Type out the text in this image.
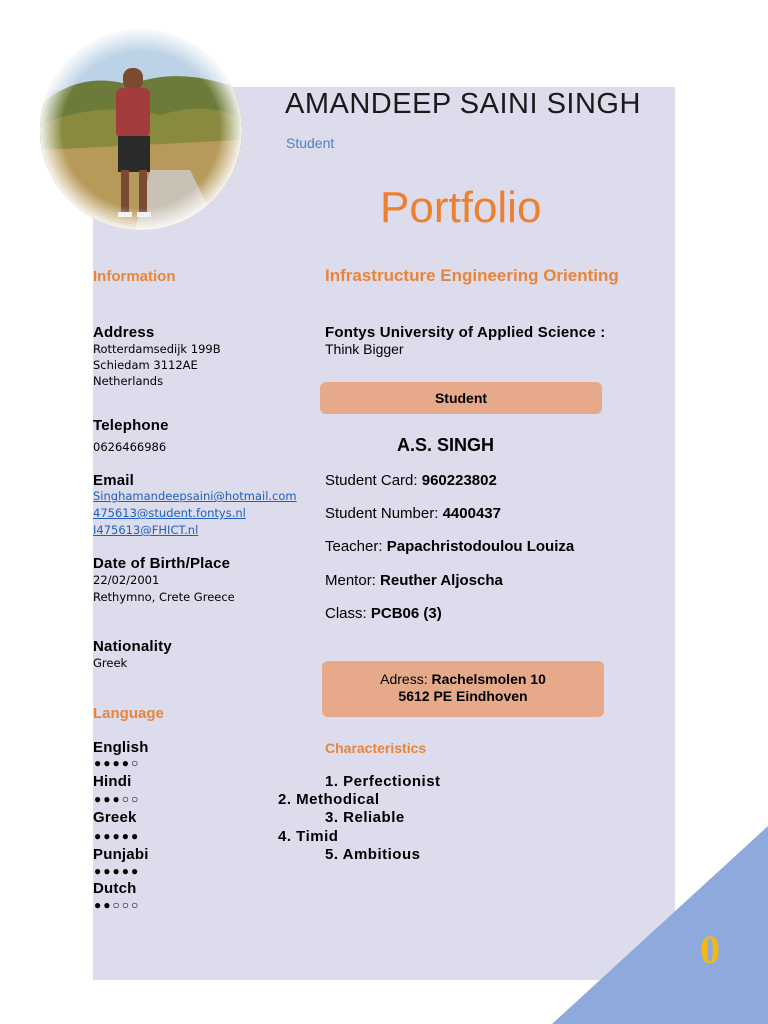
AMANDEEP SAINI SINGH
Student
Portfolio
Information
Address
Rotterdamsedijk 199B
Schiedam 3112AE
Netherlands
Telephone
0626466986
Email
Singhamandeepsaini@hotmail.com
475613@student.fontys.nl
I475613@FHICT.nl
Date of Birth/Place
22/02/2001
Rethymno, Crete Greece
Nationality
Greek
Language
English
●●●●○
Hindi
●●●○○
Greek
●●●●●
Punjabi
●●●●●
Dutch
●●○○○
Infrastructure Engineering Orienting
Fontys University of Applied Science :
Think Bigger
Student
A.S. SINGH
Student Card: 960223802
Student Number: 4400437
Teacher: Papachristodoulou Louiza
Mentor: Reuther Aljoscha
Class: PCB06 (3)
Adress: Rachelsmolen 10
5612 PE Eindhoven
Characteristics
1. Perfectionist
2. Methodical
3. Reliable
4. Timid
5. Ambitious
0
